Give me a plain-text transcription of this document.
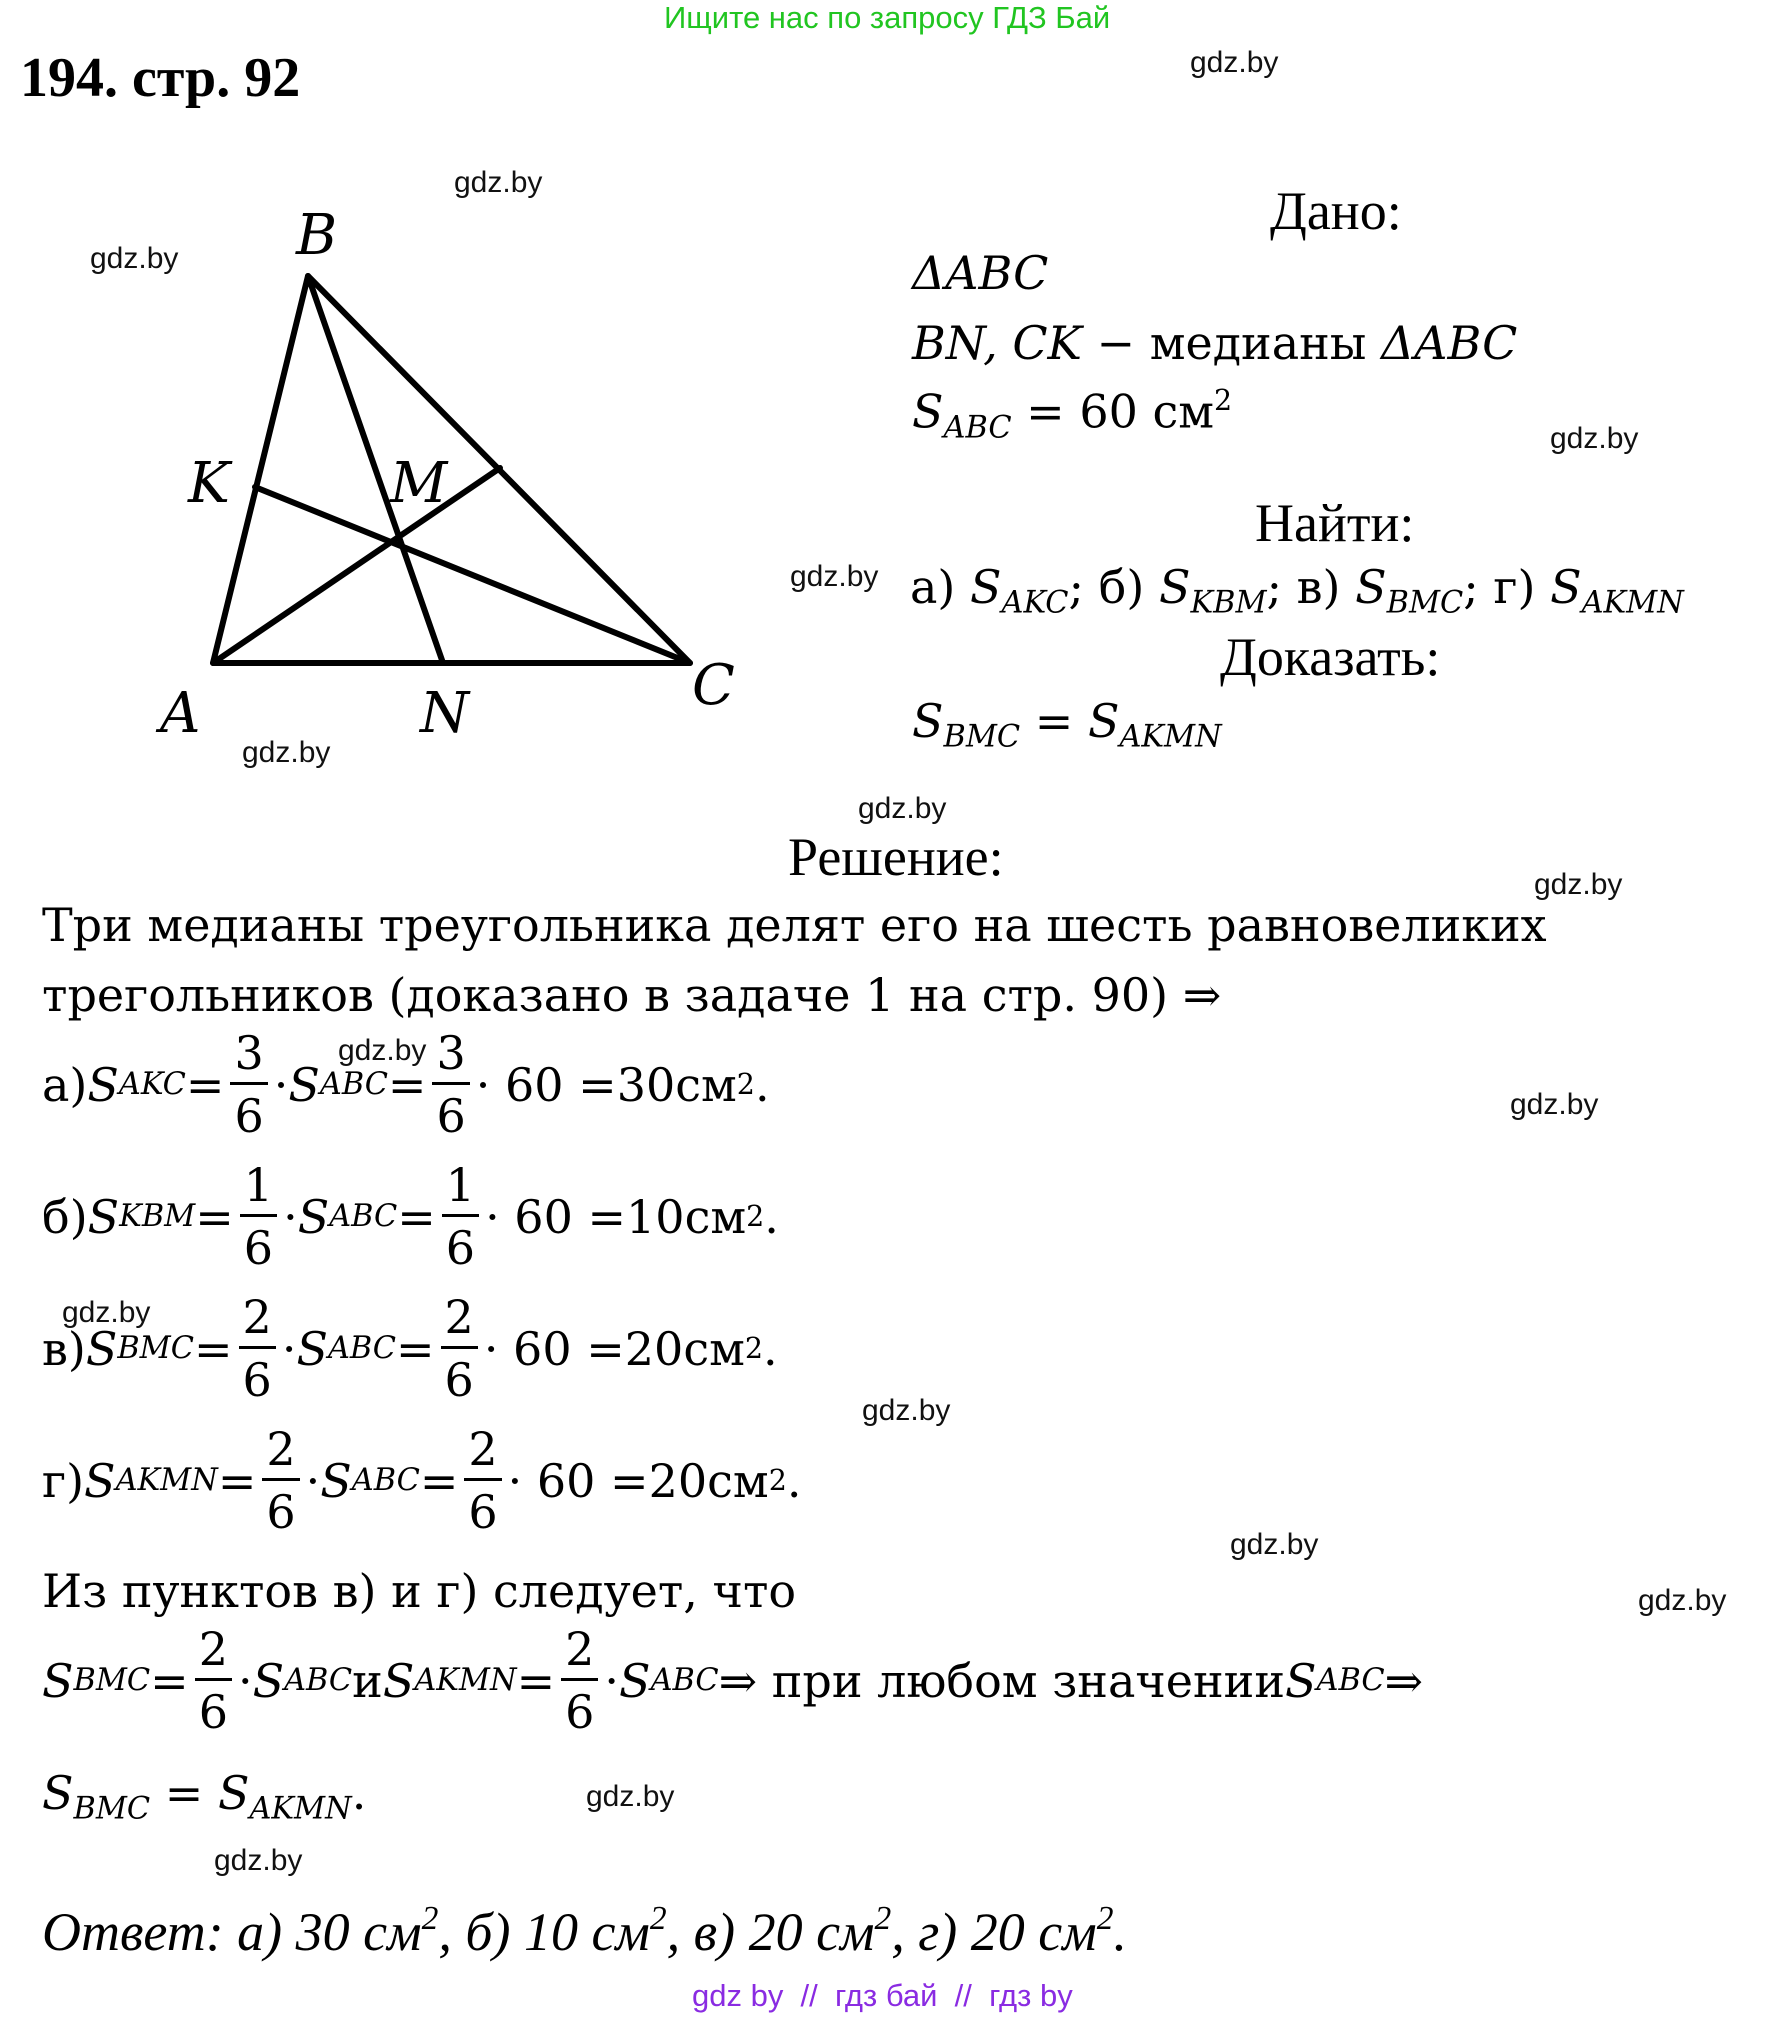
Ищите нас по запросу ГДЗ Бай
194. стр. 92	gdz.by
gdz.by
gdz.by
gdz.by
gdz.by
gdz.by
gdz.by
gdz.by
gdz.by
gdz.by
gdz.by
gdz.by
gdz.by
gdz.by
gdz.by
gdz.by
B
K	M
A	N	C
Дано:
ΔABC
BN, CK − медианы ΔABC
$S_{ABC} = 60$ $см^2$
Найти:
а) $S_{AKC}$; б) $S_{KBM}$; в) $S_{BMC}$; г) $S_{AKMN}$
Доказать:
$S_{BMC} = S_{AKMN}$
Решение:
Три медианы треугольника делят его на шесть равновеликих
трегольников (доказано в задаче 1 на стр. 90) ⇒
а) S AKC = $\frac{3}{6} \cdot S$ ABC = $\frac{3}{6} \cdot 60 = 30$ см 2 .
б) S KBM = $\frac{1}{6} \cdot S$ ABC = $\frac{1}{6} \cdot 60 = 10$ см 2 .
в) S BMC = $\frac{2}{6} \cdot S$ ABC = $\frac{2}{6} \cdot 60 = 20$ см 2 .
г) S AKMN = $\frac{2}{6} \cdot S$ ABC = $\frac{2}{6} \cdot 60 = 20$ см 2 .
Из пунктов в) и г) следует, что
S BMC = $\frac{2}{6} \cdot S$ ABC и S AKMN = $\frac{2}{6} \cdot S$ ABC ⇒ при любом значении S ABC ⇒
$S_{BMC} = S_{AKMN}$.
Ответ: а) 30 $см^2$, б) 10 $см^2$, в) 20 $см^2$, г) 20 $см^2$.
gdz by  //  гдз бай  //  гдз by
